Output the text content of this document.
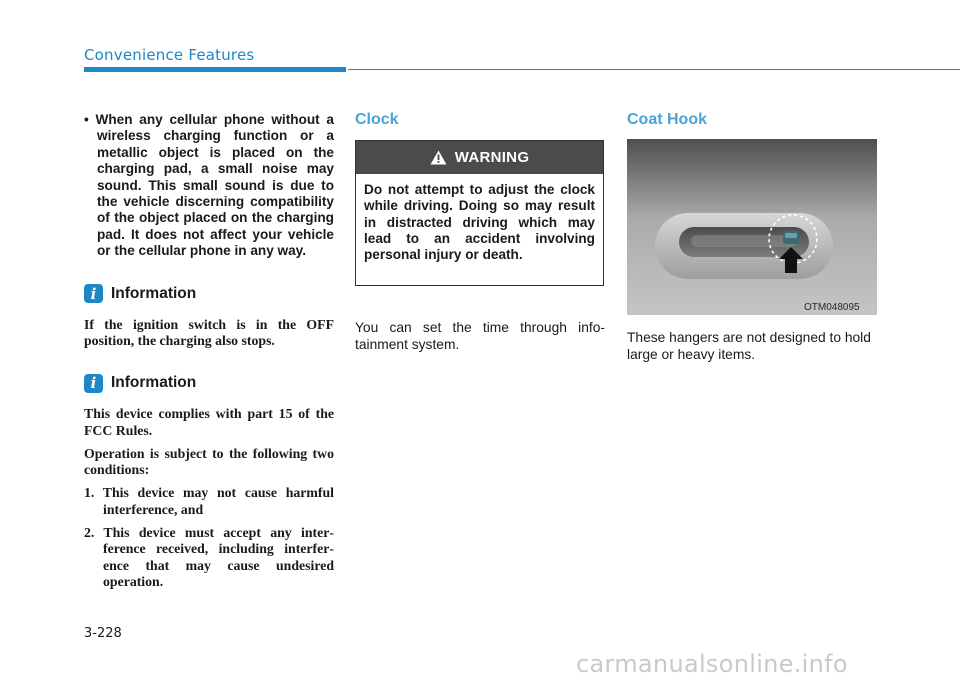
Convenience Features

• When any cellular phone without a wireless charging function or a metallic object is placed on the charging pad, a small noise may sound. This small sound is due to the vehicle discerning compatibility of the object placed on the charging pad. It does not affect your vehicle or the cellular phone in any way.

i Information

If the ignition switch is in the OFF position, the charging also stops.

i Information

This device complies with part 15 of the FCC Rules.

Operation is subject to the following two conditions:

1. This device may not cause harmful interference, and

2. This device must accept any interference received, including interference that may cause undesired operation.

Clock
WARNING
Do not attempt to adjust the clock while driving. Doing so may result in distracted driving which may lead to an accident involving personal injury or death.
You can set the time through infotainment system.
Coat Hook
OTM048095
These hangers are not designed to hold large or heavy items.
3-228
carmanualsonline.info
